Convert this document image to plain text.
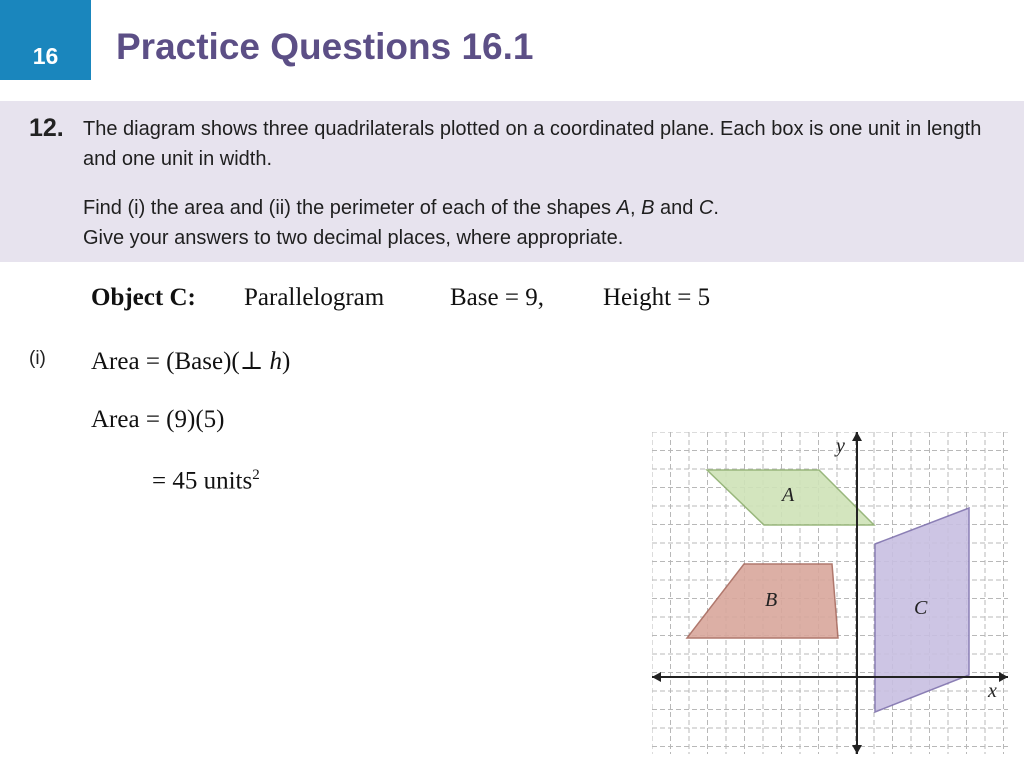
16 Practice Questions 16.1
12. The diagram shows three quadrilaterals plotted on a coordinated plane. Each box is one unit in length and one unit in width.

Find (i) the area and (ii) the perimeter of each of the shapes A, B and C.
Give your answers to two decimal places, where appropriate.

Object C: Parallelogram	Base = 9, Height = 5
(i) Area = (Base)(⊥ h)
Area = (9)(5)
= 45 units$^2$
A
B	C
x
y
